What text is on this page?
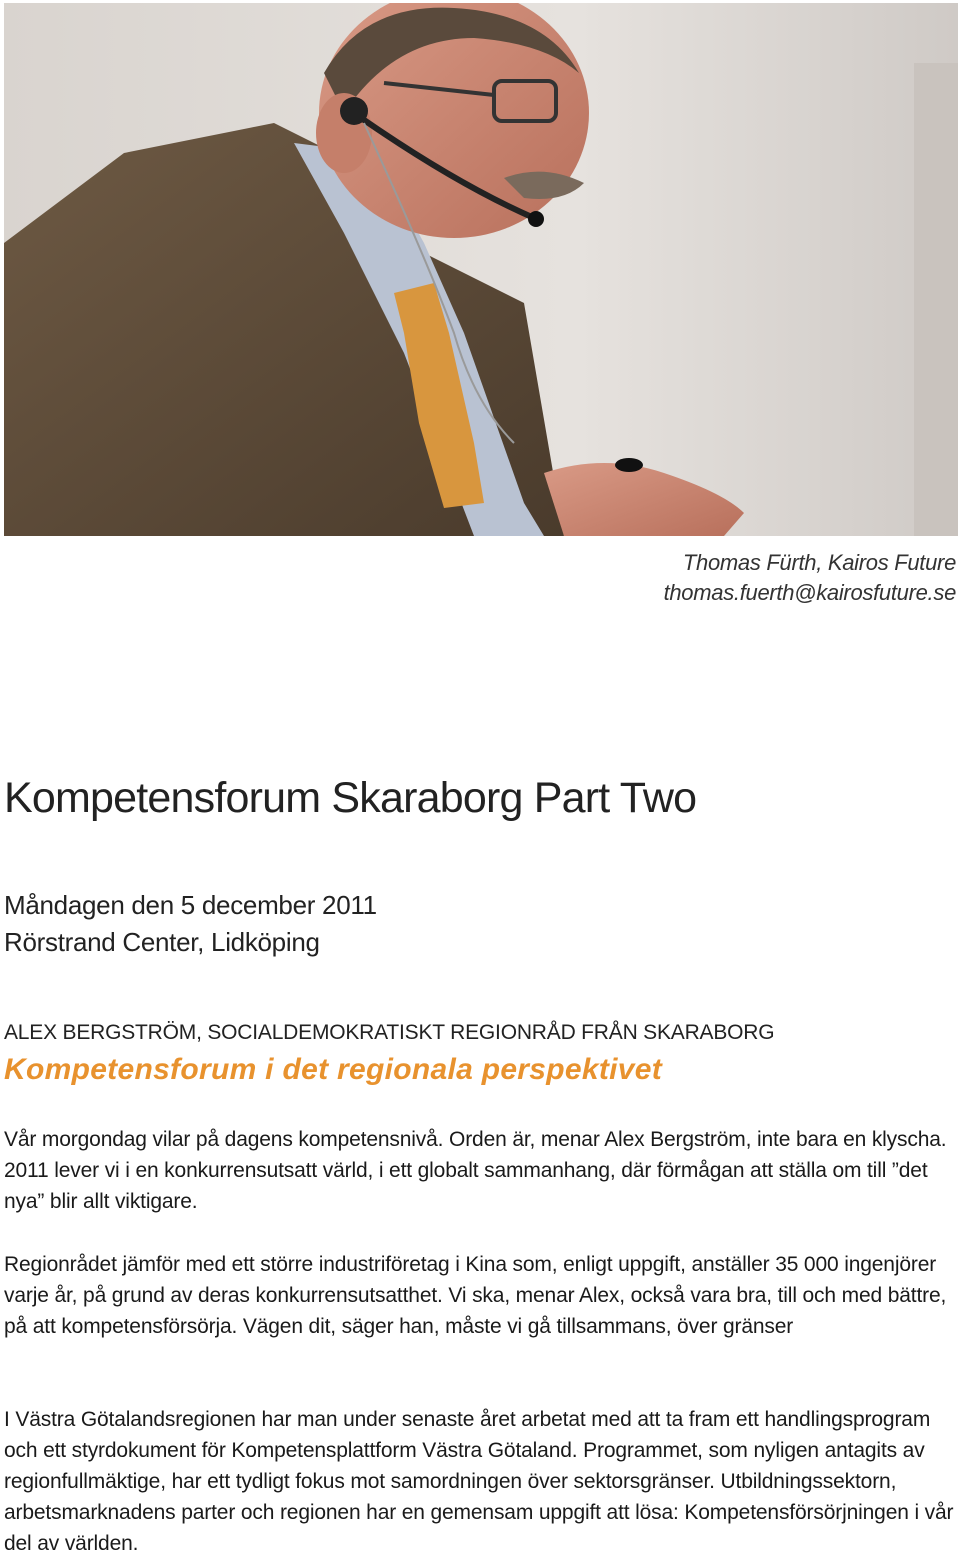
Thomas Fürth, Kairos Future
thomas.fuerth@kairosfuture.se
Kompetensforum Skaraborg Part Two
Måndagen den 5 december 2011
Rörstrand Center, Lidköping
ALEX BERGSTRÖM, SOCIALDEMOKRATISKT REGIONRÅD FRÅN SKARABORG
Kompetensforum i det regionala perspektivet

Vår morgondag vilar på dagens kompetensnivå. Orden är, menar Alex Bergström, inte bara en klyscha. 2011 lever vi i en konkurrensutsatt värld, i ett globalt sammanhang, där förmågan att ställa om till ”det nya” blir allt viktigare.

Regionrådet jämför med ett större industriföretag i Kina som, enligt uppgift, anställer 35 000 ingenjörer varje år, på grund av deras konkurrensutsatthet. Vi ska, menar Alex, också vara bra, till och med bättre, på att kompetensförsörja. Vägen dit, säger han, måste vi gå tillsammans, över gränser

I Västra Götalandsregionen har man under senaste året arbetat med att ta fram ett handlingsprogram och ett styrdokument för Kompetensplattform Västra Götaland. Programmet, som nyligen antagits av regionfullmäktige, har ett tydligt fokus mot samordningen över sektorsgränser. Utbildningssektorn, arbetsmarknadens parter och regionen har en gemensam uppgift att lösa: Kompetensförsörjningen i vår del av världen.
